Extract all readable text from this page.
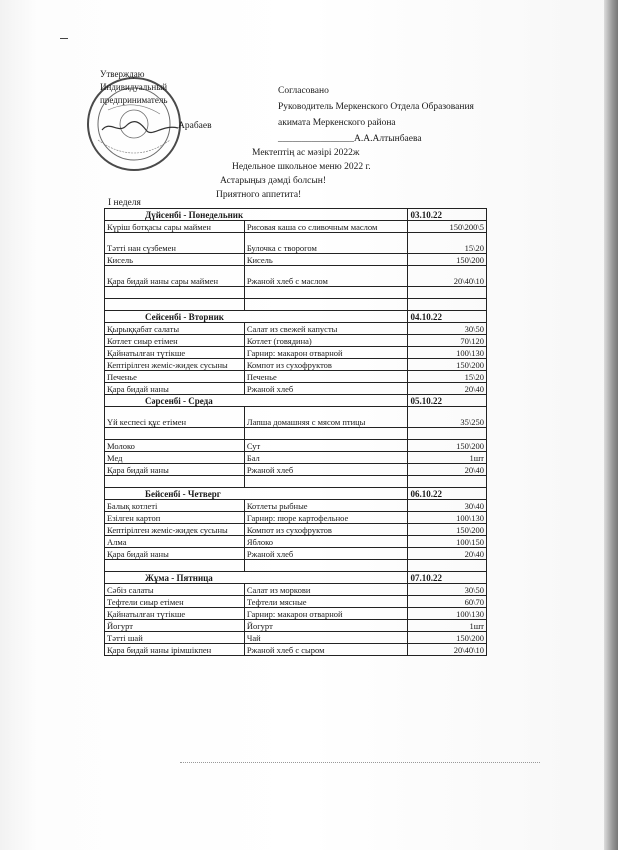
Утверждаю
Индивидуальный
предприниматель
Арабаев
Согласовано
Руководитель Меркенского Отдела Образования
акимата Меркенского района
________________А.А.Алтынбаева
Мектептің ас мәзірі 2022ж
Недельное школьное меню 2022 г.
Астарыңыз дәмді болсын!
Приятного аппетита!
I неделя
Дүйсенбі - Понедельник		03.10.22
Күріш ботқасы сары маймен	Рисовая каша со сливочным маслом	150\200\5
Тәтті нан сүзбемен	Булочка с творогом	15\20
Кисель	Кисель	150\200
Қара бидай наны сары маймен	Ржаной хлеб с маслом	20\40\10

Сейсенбі - Вторник		04.10.22
Қырыққабат салаты	Салат из свежей капусты	30\50
Котлет сиыр етімен	Котлет (говядина)	70\120
Қайнатылған түтікше	Гарнир: макарон отварной	100\130
Кептірілген жеміс-жидек сусыны	Компот из сухофруктов	150\200
Печенье	Печенье	15\20
Қара бидай наны	Ржаной хлеб	20\40
Сәрсенбі - Среда		05.10.22
Үй кеспесі құс етімен	Лапша домашняя с мясом птицы	35\250

Молоко	Сут	150\200
Мед	Бал	1шт
Қара бидай наны	Ржаной хлеб	20\40

Бейсенбі - Четверг		06.10.22
Балық котлеті	Котлеты рыбные	30\40
Езілген картоп	Гарнир: пюре картофельное	100\130
Кептірілген жеміс-жидек сусыны	Компот из сухофруктов	150\200
Алма	Яблоко	100\150
Қара бидай наны	Ржаной хлеб	20\40

Жұма - Пятница		07.10.22
Сәбіз салаты	Салат из моркови	30\50
Тефтели сиыр етімен	Тефтели мясные	60\70
Қайнатылған түтікше	Гарнир: макарон отварной	100\130
Йогурт	Йогурт	1шт
Тәтті шай	Чай	150\200
Қара бидай наны ірімшікпен	Ржаной хлеб с сыром	20\40\10
